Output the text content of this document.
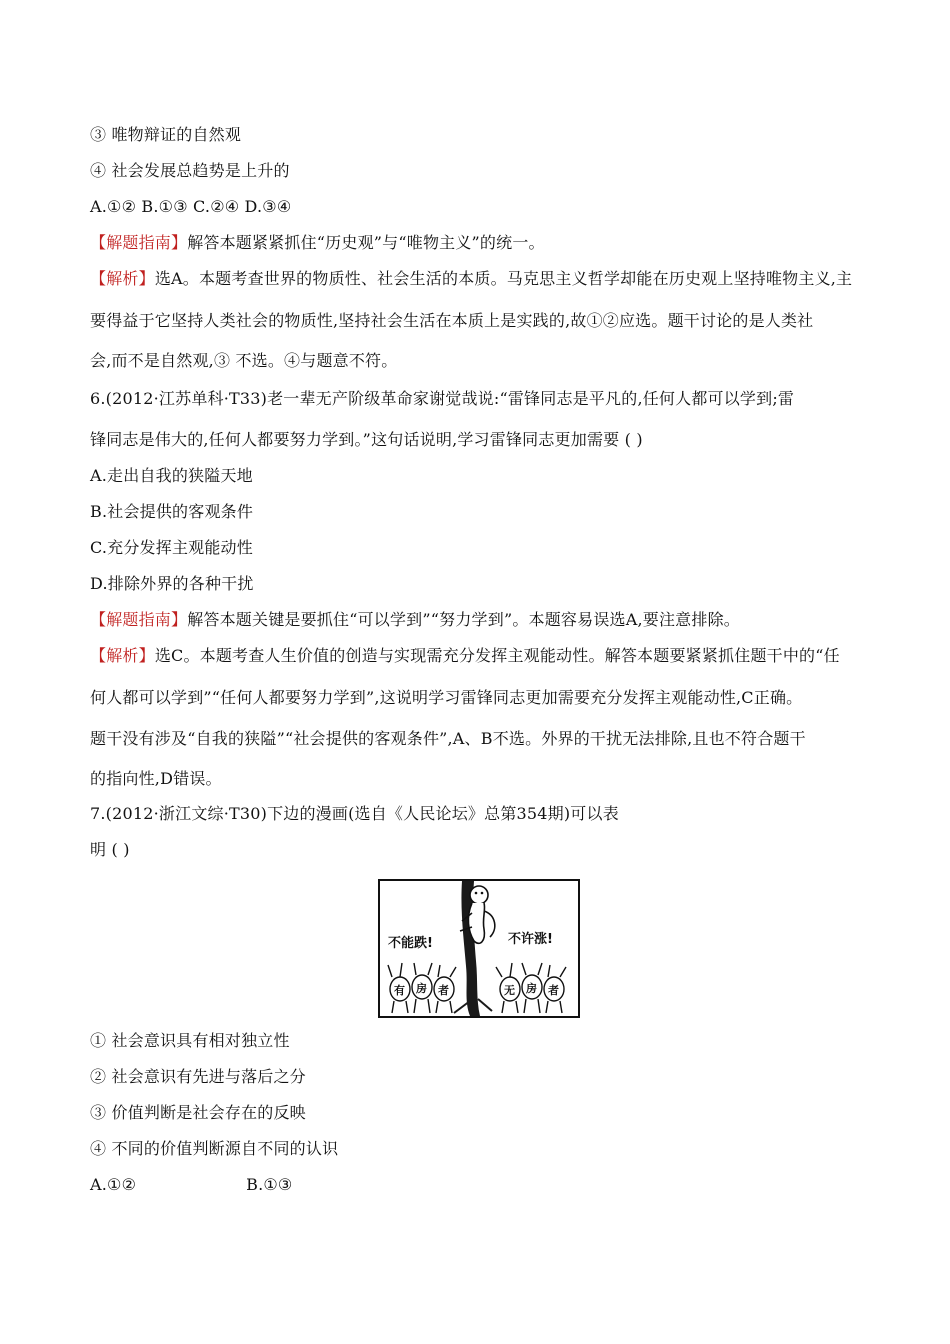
③ 唯物辩证的自然观
④ 社会发展总趋势是上升的
A.①② B.①③ C.②④ D.③④
【解题指南】解答本题紧紧抓住“历史观”与“唯物主义”的统一。
【解析】选A。本题考查世界的物质性、社会生活的本质。马克思主义哲学却能在历史观上坚持唯物主义,主
要得益于它坚持人类社会的物质性,坚持社会生活在本质上是实践的,故①②应选。题干讨论的是人类社
会,而不是自然观,③ 不选。④与题意不符。
6.(2012·江苏单科·T33)老一辈无产阶级革命家谢觉哉说:“雷锋同志是平凡的,任何人都可以学到;雷
锋同志是伟大的,任何人都要努力学到。”这句话说明,学习雷锋同志更加需要 ( )
A.走出自我的狭隘天地
B.社会提供的客观条件
C.充分发挥主观能动性
D.排除外界的各种干扰
【解题指南】解答本题关键是要抓住“可以学到”“努力学到”。本题容易误选A,要注意排除。
【解析】选C。本题考查人生价值的创造与实现需充分发挥主观能动性。解答本题要紧紧抓住题干中的“任
何人都可以学到”“任何人都要努力学到”,这说明学习雷锋同志更加需要充分发挥主观能动性,C正确。
题干没有涉及“自我的狭隘”“社会提供的客观条件”,A、B不选。外界的干扰无法排除,且也不符合题干
的指向性,D错误。
7.(2012·浙江文综·T30)下边的漫画(选自《人民论坛》总第354期)可以表
明 ( )
不能跌!	不许涨!
有 房 者	无 房 者
① 社会意识具有相对独立性
② 社会意识有先进与落后之分
③ 价值判断是社会存在的反映
④ 不同的价值判断源自不同的认识
A.①②	B.①③
